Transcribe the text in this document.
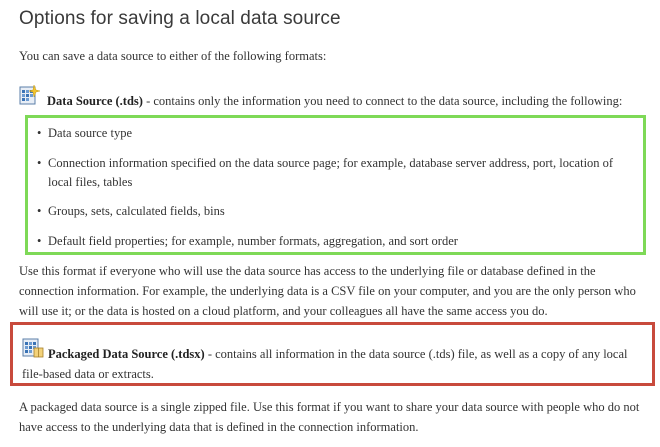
Options for saving a local data source
You can save a data source to either of the following formats:
Data Source (.tds) - contains only the information you need to connect to the data source, including the following:
• Data source type
• Connection information specified on the data source page; for example, database server address, port, location of
local files, tables
• Groups, sets, calculated fields, bins
• Default field properties; for example, number formats, aggregation, and sort order
Use this format if everyone who will use the data source has access to the underlying file or database defined in the
connection information. For example, the underlying data is a CSV file on your computer, and you are the only person who
will use it; or the data is hosted on a cloud platform, and your colleagues all have the same access you do.
Packaged Data Source (.tdsx) - contains all information in the data source (.tds) file, as well as a copy of any local
file-based data or extracts.
A packaged data source is a single zipped file. Use this format if you want to share your data source with people who do not
have access to the underlying data that is defined in the connection information.
